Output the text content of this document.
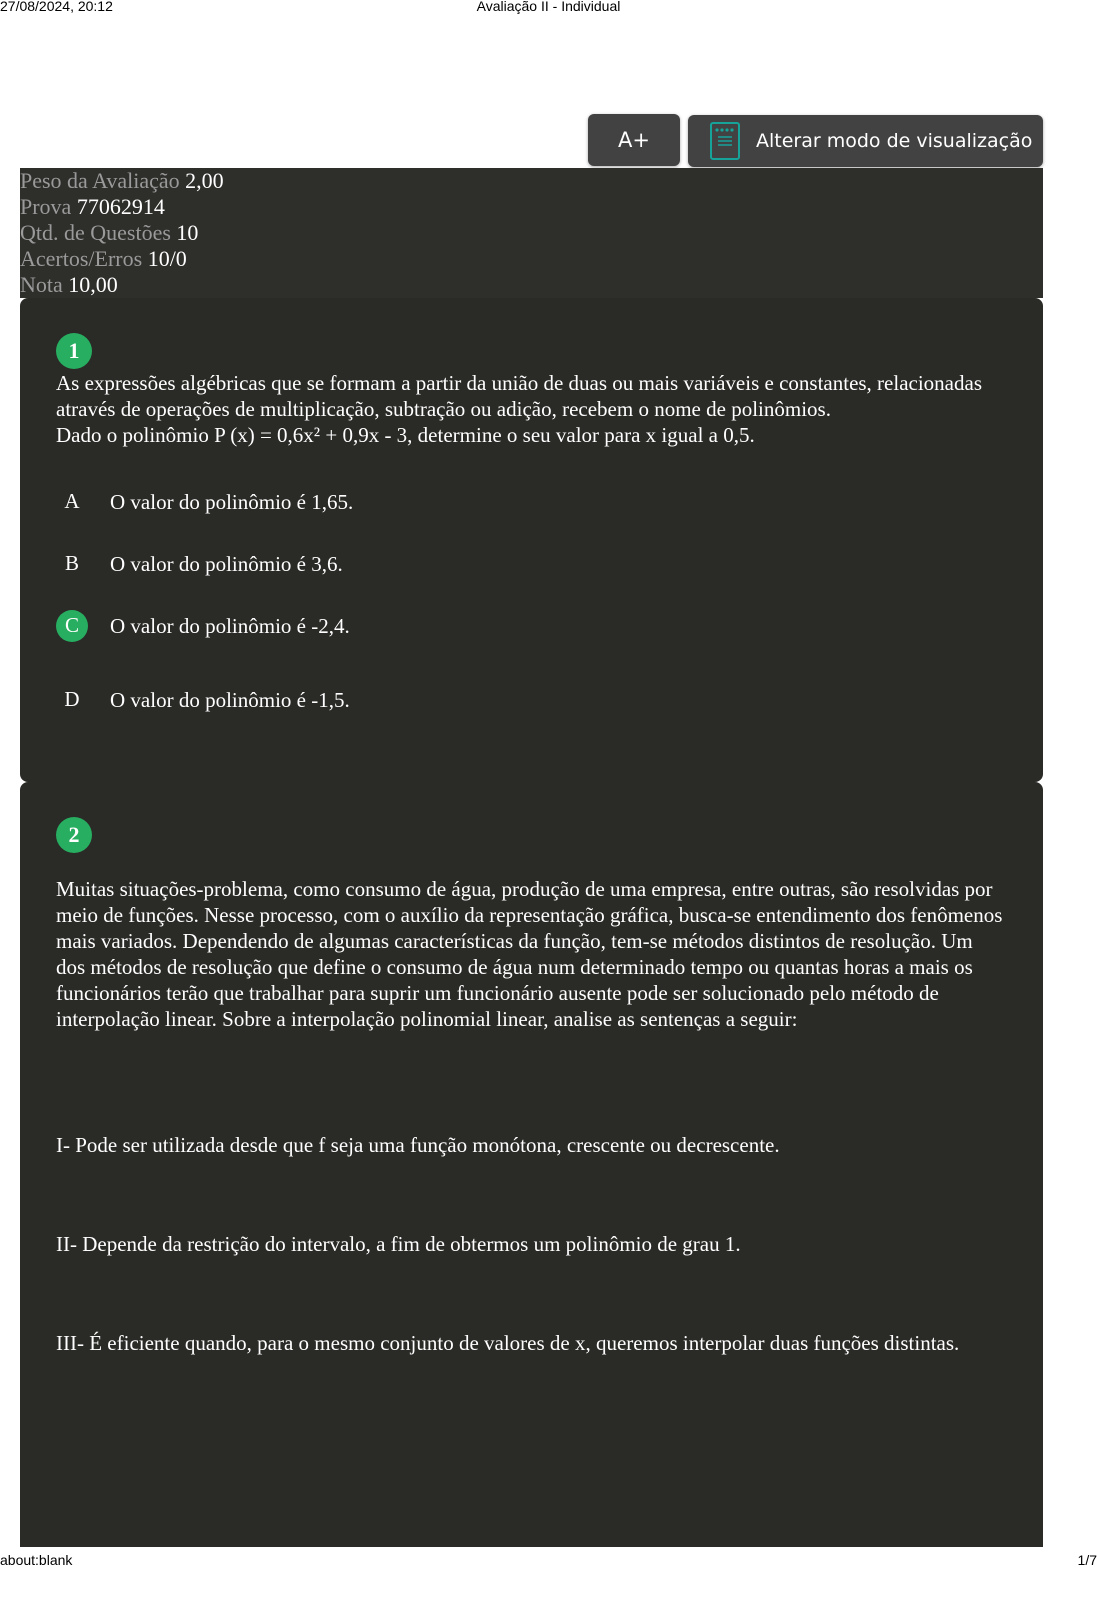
27/08/2024, 20:12	Avaliação II - Individual
A+	Alterar modo de visualização
Peso da Avaliação 2,00
Prova 77062914
Qtd. de Questões 10
Acertos/Erros 10/0
Nota 10,00
1
As expressões algébricas que se formam a partir da união de duas ou mais variáveis e constantes, relacionadas através de operações de multiplicação, subtração ou adição, recebem o nome de polinômios.
Dado o polinômio P (x) = 0,6x² + 0,9x - 3, determine o seu valor para x igual a 0,5.
A	O valor do polinômio é 1,65.
B	O valor do polinômio é 3,6.
C	O valor do polinômio é -2,4.
D	O valor do polinômio é -1,5.
2
Muitas situações-problema, como consumo de água, produção de uma empresa, entre outras, são resolvidas por meio de funções. Nesse processo, com o auxílio da representação gráfica, busca-se entendimento dos fenômenos mais variados. Dependendo de algumas características da função, tem-se métodos distintos de resolução. Um dos métodos de resolução que define o consumo de água num determinado tempo ou quantas horas a mais os funcionários terão que trabalhar para suprir um funcionário ausente pode ser solucionado pelo método de interpolação linear. Sobre a interpolação polinomial linear, analise as sentenças a seguir:
I- Pode ser utilizada desde que f seja uma função monótona, crescente ou decrescente.
II- Depende da restrição do intervalo, a fim de obtermos um polinômio de grau 1.
III- É eficiente quando, para o mesmo conjunto de valores de x, queremos interpolar duas funções distintas.
about:blank	1/7
